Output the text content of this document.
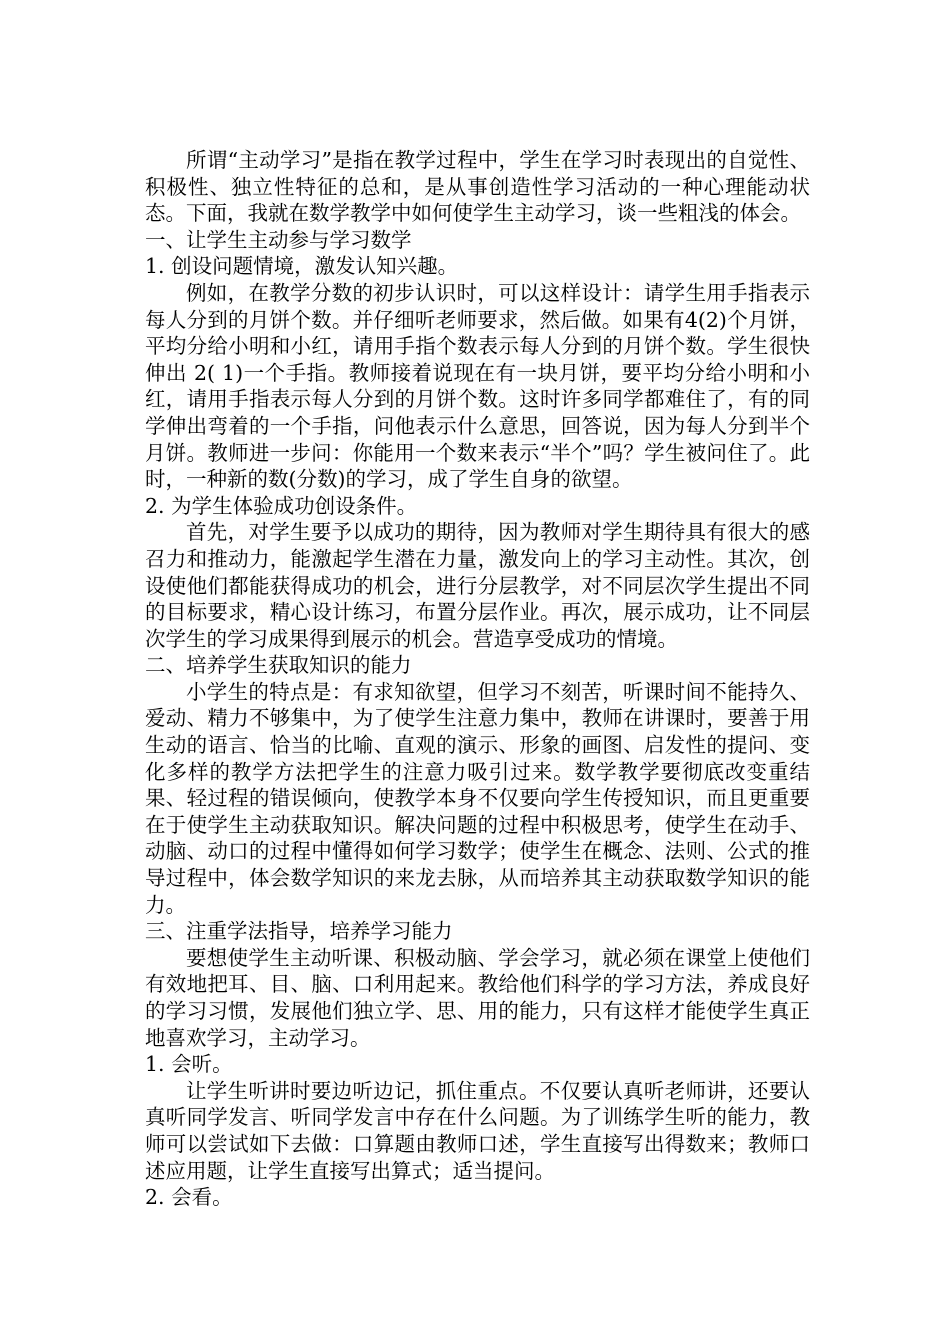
所谓“主动学习”是指在教学过程中，学生在学习时表现出的自觉性、积极性、独立性特征的总和，是从事创造性学习活动的一种心理能动状态。下面，我就在数学教学中如何使学生主动学习，谈一些粗浅的体会。

一、让学生主动参与学习数学

1. 创设问题情境，激发认知兴趣。

例如，在教学分数的初步认识时，可以这样设计：请学生用手指表示每人分到的月饼个数。并仔细听老师要求，然后做。如果有4(2)个月饼，平均分给小明和小红，请用手指个数表示每人分到的月饼个数。学生很快伸出 2( 1)一个手指。教师接着说现在有一块月饼，要平均分给小明和小红，请用手指表示每人分到的月饼个数。这时许多同学都难住了，有的同学伸出弯着的一个手指，问他表示什么意思，回答说，因为每人分到半个月饼。教师进一步问：你能用一个数来表示“半个”吗？学生被问住了。此时，一种新的数(分数)的学习，成了学生自身的欲望。

2. 为学生体验成功创设条件。

首先，对学生要予以成功的期待，因为教师对学生期待具有很大的感召力和推动力，能激起学生潜在力量，激发向上的学习主动性。其次，创设使他们都能获得成功的机会，进行分层教学，对不同层次学生提出不同的目标要求，精心设计练习，布置分层作业。再次，展示成功，让不同层次学生的学习成果得到展示的机会。营造享受成功的情境。

二、培养学生获取知识的能力

小学生的特点是：有求知欲望，但学习不刻苦，听课时间不能持久、爱动、精力不够集中，为了使学生注意力集中，教师在讲课时，要善于用生动的语言、恰当的比喻、直观的演示、形象的画图、启发性的提问、变化多样的教学方法把学生的注意力吸引过来。数学教学要彻底改变重结果、轻过程的错误倾向，使教学本身不仅要向学生传授知识，而且更重要在于使学生主动获取知识。解决问题的过程中积极思考，使学生在动手、动脑、动口的过程中懂得如何学习数学；使学生在概念、法则、公式的推导过程中，体会数学知识的来龙去脉，从而培养其主动获取数学知识的能力。

三、注重学法指导，培养学习能力

要想使学生主动听课、积极动脑、学会学习，就必须在课堂上使他们有效地把耳、目、脑、口利用起来。教给他们科学的学习方法，养成良好的学习习惯，发展他们独立学、思、用的能力，只有这样才能使学生真正地喜欢学习，主动学习。

1. 会听。

让学生听讲时要边听边记，抓住重点。不仅要认真听老师讲，还要认真听同学发言、听同学发言中存在什么问题。为了训练学生听的能力，教师可以尝试如下去做：口算题由教师口述，学生直接写出得数来；教师口述应用题，让学生直接写出算式；适当提问。

2. 会看。
